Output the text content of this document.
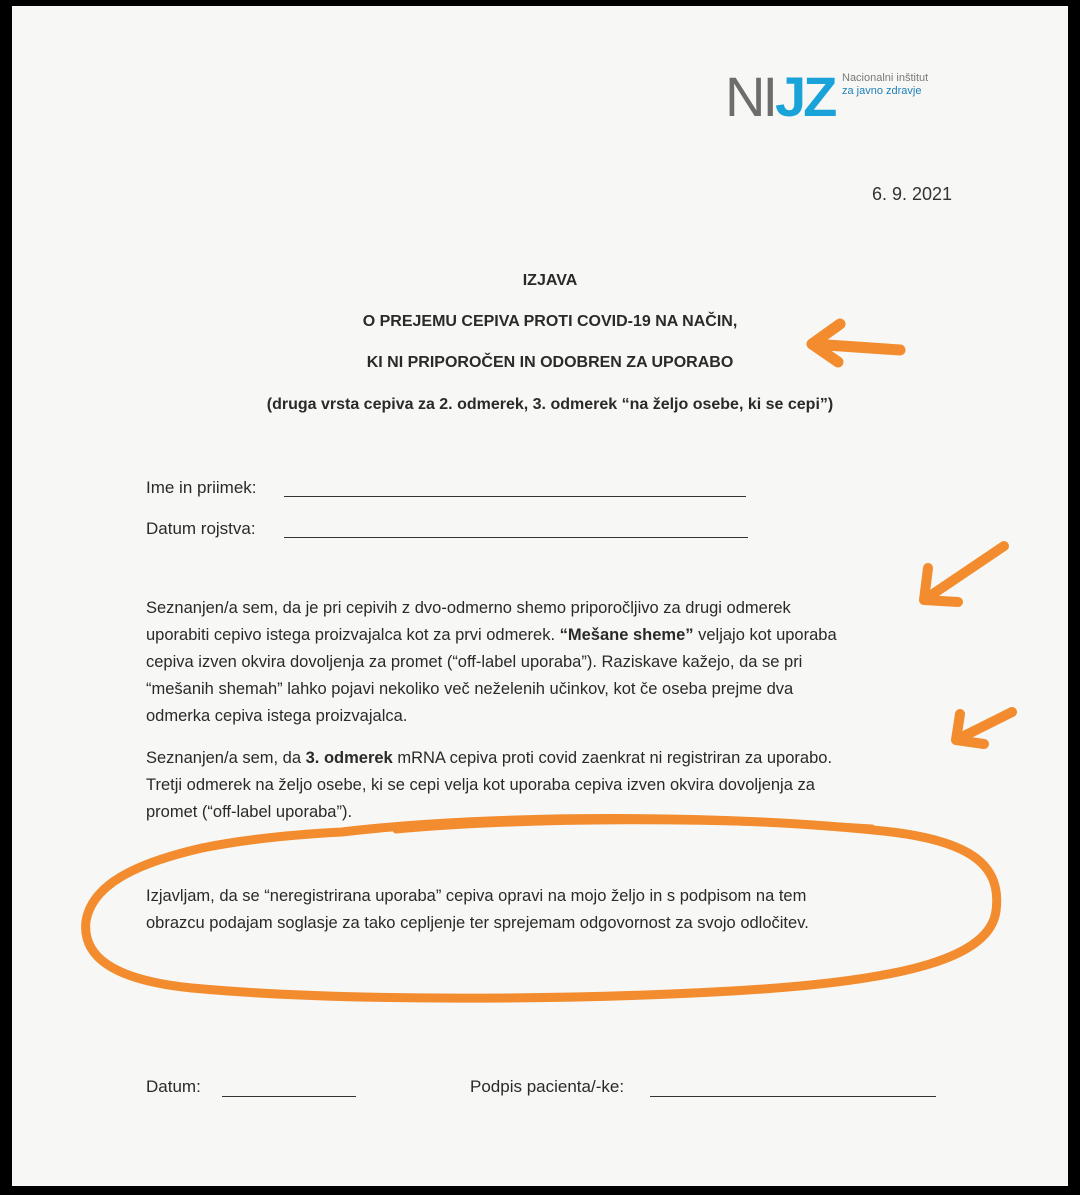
NIJZ Nacionalni inštitut
za javno zdravje
6. 9. 2021
IZJAVA
O PREJEMU CEPIVA PROTI COVID-19 NA NAČIN,
KI NI PRIPOROČEN IN ODOBREN ZA UPORABO
(druga vrsta cepiva za 2. odmerek, 3. odmerek “na željo osebe, ki se cepi”)
Ime in priimek:
Datum rojstva:

Seznanjen/a sem, da je pri cepivih z dvo-odmerno shemo priporočljivo za drugi odmerek

uporabiti cepivo istega proizvajalca kot za prvi odmerek. “Mešane sheme” veljajo kot uporaba

cepiva izven okvira dovoljenja za promet (“off-label uporaba”). Raziskave kažejo, da se pri

“mešanih shemah” lahko pojavi nekoliko več neželenih učinkov, kot če oseba prejme dva

odmerka cepiva istega proizvajalca.

Seznanjen/a sem, da 3. odmerek mRNA cepiva proti covid zaenkrat ni registriran za uporabo.

Tretji odmerek na željo osebe, ki se cepi velja kot uporaba cepiva izven okvira dovoljenja za

promet (“off-label uporaba”).

Izjavljam, da se “neregistrirana uporaba” cepiva opravi na mojo željo in s podpisom na tem

obrazcu podajam soglasje za tako cepljenje ter sprejemam odgovornost za svojo odločitev.

Datum:	Podpis pacienta/-ke:
